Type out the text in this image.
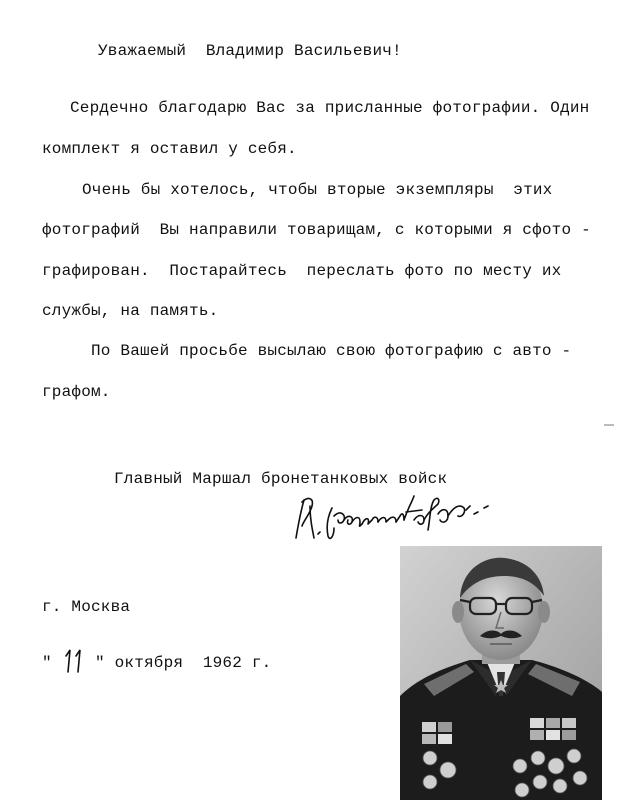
Уважаемый  Владимир Васильевич!
Сердечно благодарю Вас за присланные фотографии. Один
комплект я оставил у себя.
Очень бы хотелось, чтобы вторые экземпляры  этих
фотографий  Вы направили товарищам, с которыми я сфото -
графирован.  Постарайтесь  переслать фото по месту их
службы, на память.
По Вашей просьбе высылаю свою фотографию с авто -
графом.
Главный Маршал бронетанковых войск
г. Москва
"	" октября  1962 г.
